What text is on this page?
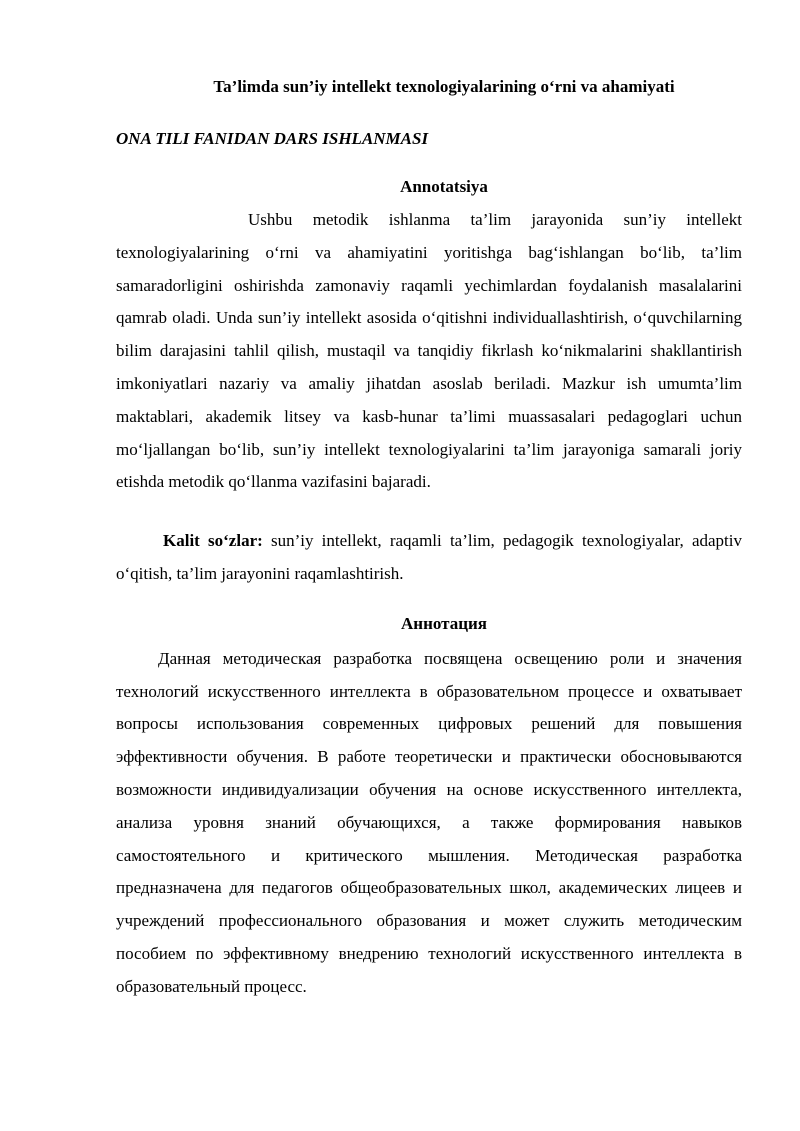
Ta’limda sun’iy intellekt texnologiyalarining o‘rni va ahamiyati

ONA TILI FANIDAN DARS ISHLANMASI

Annotatsiya

Ushbu metodik ishlanma ta’lim jarayonida sun’iy intellekt texnologiyalarining o‘rni va ahamiyatini yoritishga bag‘ishlangan bo‘lib, ta’lim samaradorligini oshirishda zamonaviy raqamli yechimlardan foydalanish masalalarini qamrab oladi. Unda sun’iy intellekt asosida o‘qitishni individuallashtirish, o‘quvchilarning bilim darajasini tahlil qilish, mustaqil va tanqidiy fikrlash ko‘nikmalarini shakllantirish imkoniyatlari nazariy va amaliy jihatdan asoslab beriladi. Mazkur ish umumta’lim maktablari, akademik litsey va kasb-hunar ta’limi muassasalari pedagoglari uchun mo‘ljallangan bo‘lib, sun’iy intellekt texnologiyalarini ta’lim jarayoniga samarali joriy etishda metodik qo‘llanma vazifasini bajaradi.

Kalit so‘zlar: sun’iy intellekt, raqamli ta’lim, pedagogik texnologiyalar, adaptiv o‘qitish, ta’lim jarayonini raqamlashtirish.

Аннотация

Данная методическая разработка посвящена освещению роли и значения технологий искусственного интеллекта в образовательном процессе и охватывает вопросы использования современных цифровых решений для повышения эффективности обучения. В работе теоретически и практически обосновываются возможности индивидуализации обучения на основе искусственного интеллекта, анализа уровня знаний обучающихся, а также формирования навыков самостоятельного и критического мышления. Методическая разработка предназначена для педагогов общеобразовательных школ, академических лицеев и учреждений профессионального образования и может служить методическим пособием по эффективному внедрению технологий искусственного интеллекта в образовательный процесс.
